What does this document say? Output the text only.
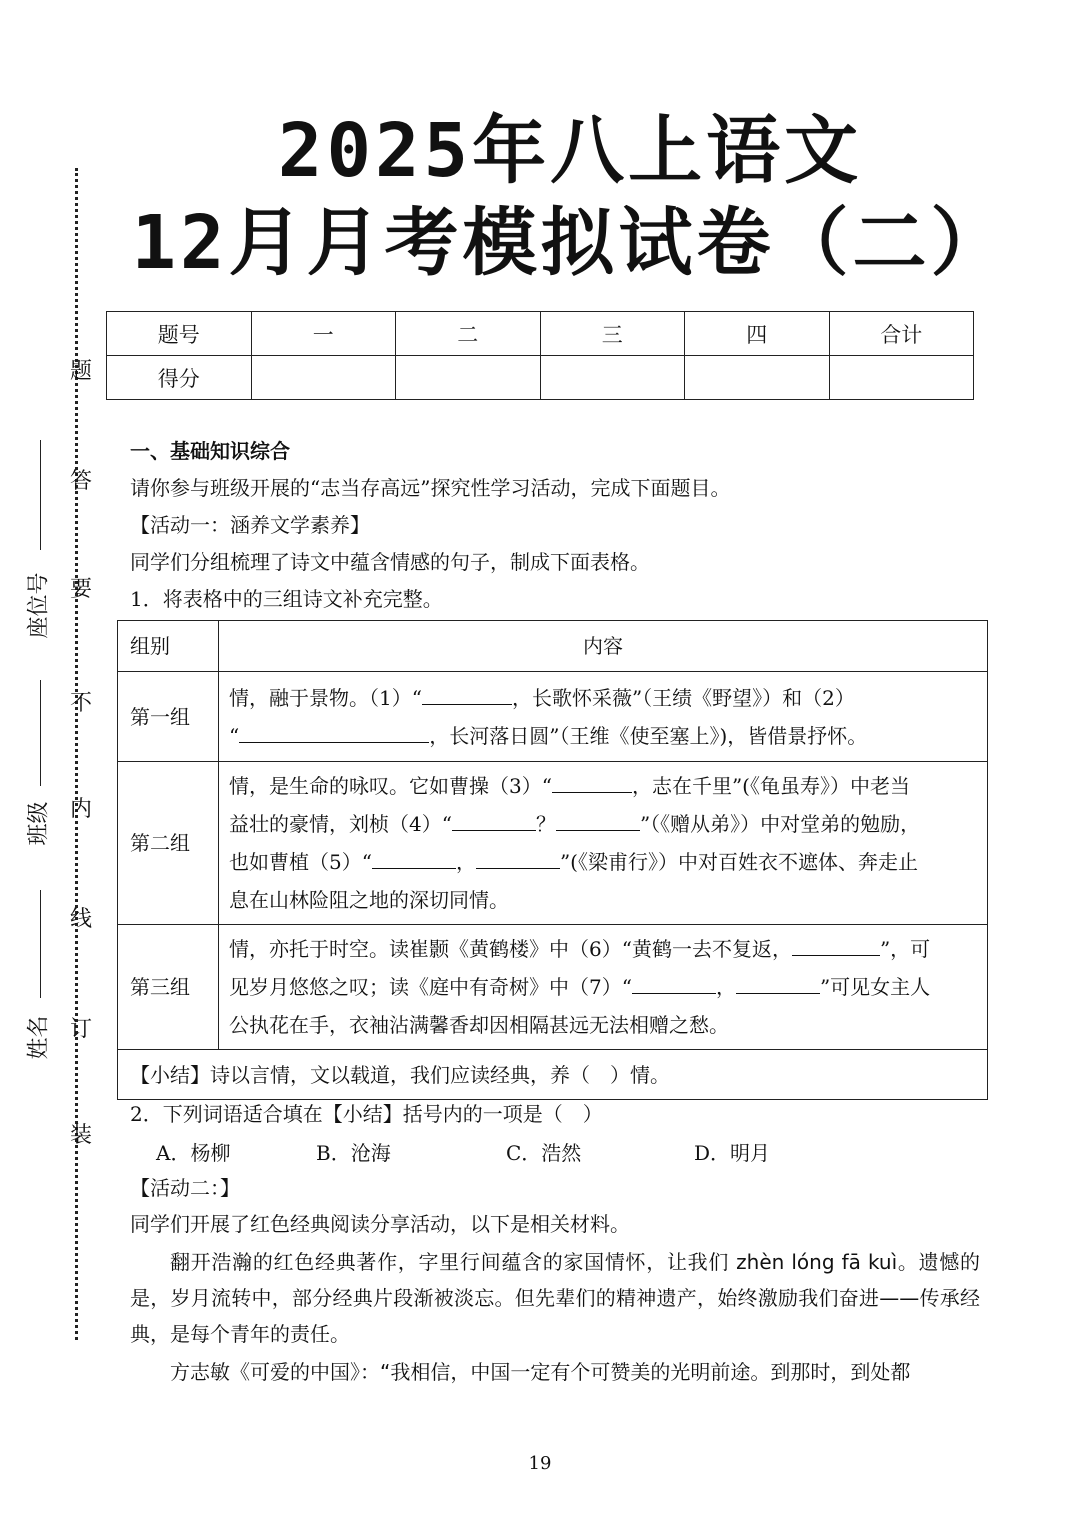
题
答
要
不
内
线
订
装
座位号
班级
姓名
2025年八上语文
12月月考模拟试卷（二）
题号	一	二	三	四	合计
得分					
一、基础知识综合
请你参与班级开展的“志当存高远”探究性学习活动，完成下面题目。
【活动一：涵养文学素养】
同学们分组梳理了诗文中蕴含情感的句子，制成下面表格。
1．将表格中的三组诗文补充完整。
组别	内容
第一组	情，融于景物。（1）“ ，长歌怀采薇”（王绩《野望》）和（2）
“ ，长河落日圆”（王维《使至塞上》)，皆借景抒怀。
第二组	情，是生命的咏叹。它如曹操（3）“ ，志在千里”(《龟虽寿》）中老当
益壮的豪情，刘桢（4）“ ？ ”（《赠从弟》）中对堂弟的勉励，
也如曹植（5）“ ， ”(《梁甫行》）中对百姓衣不遮体、奔走止
息在山林险阻之地的深切同情。
第三组	情，亦托于时空。读崔颢《黄鹤楼》中（6）“黄鹤一去不复返， ”，可
见岁月悠悠之叹；读《庭中有奇树》中（7）“ ， ”可见女主人
公执花在手，衣袖沾满馨香却因相隔甚远无法相赠之愁。
【小结】诗以言情，文以载道，我们应读经典，养（　）情。	
2．下列词语适合填在【小结】括号内的一项是（　）
A．杨柳	B．沧海	C．浩然	D．明月
【活动二：】
同学们开展了红色经典阅读分享活动，以下是相关材料。
翻开浩瀚的红色经典著作，字里行间蕴含的家国情怀，让我们 zhèn lóng fā kuì。遗憾的是，岁月流转中，部分经典片段渐被淡忘。但先辈们的精神遗产，始终激励我们奋进——传承经典，是每个青年的责任。
方志敏《可爱的中国》：“我相信，中国一定有个可赞美的光明前途。到那时，到处都
19
